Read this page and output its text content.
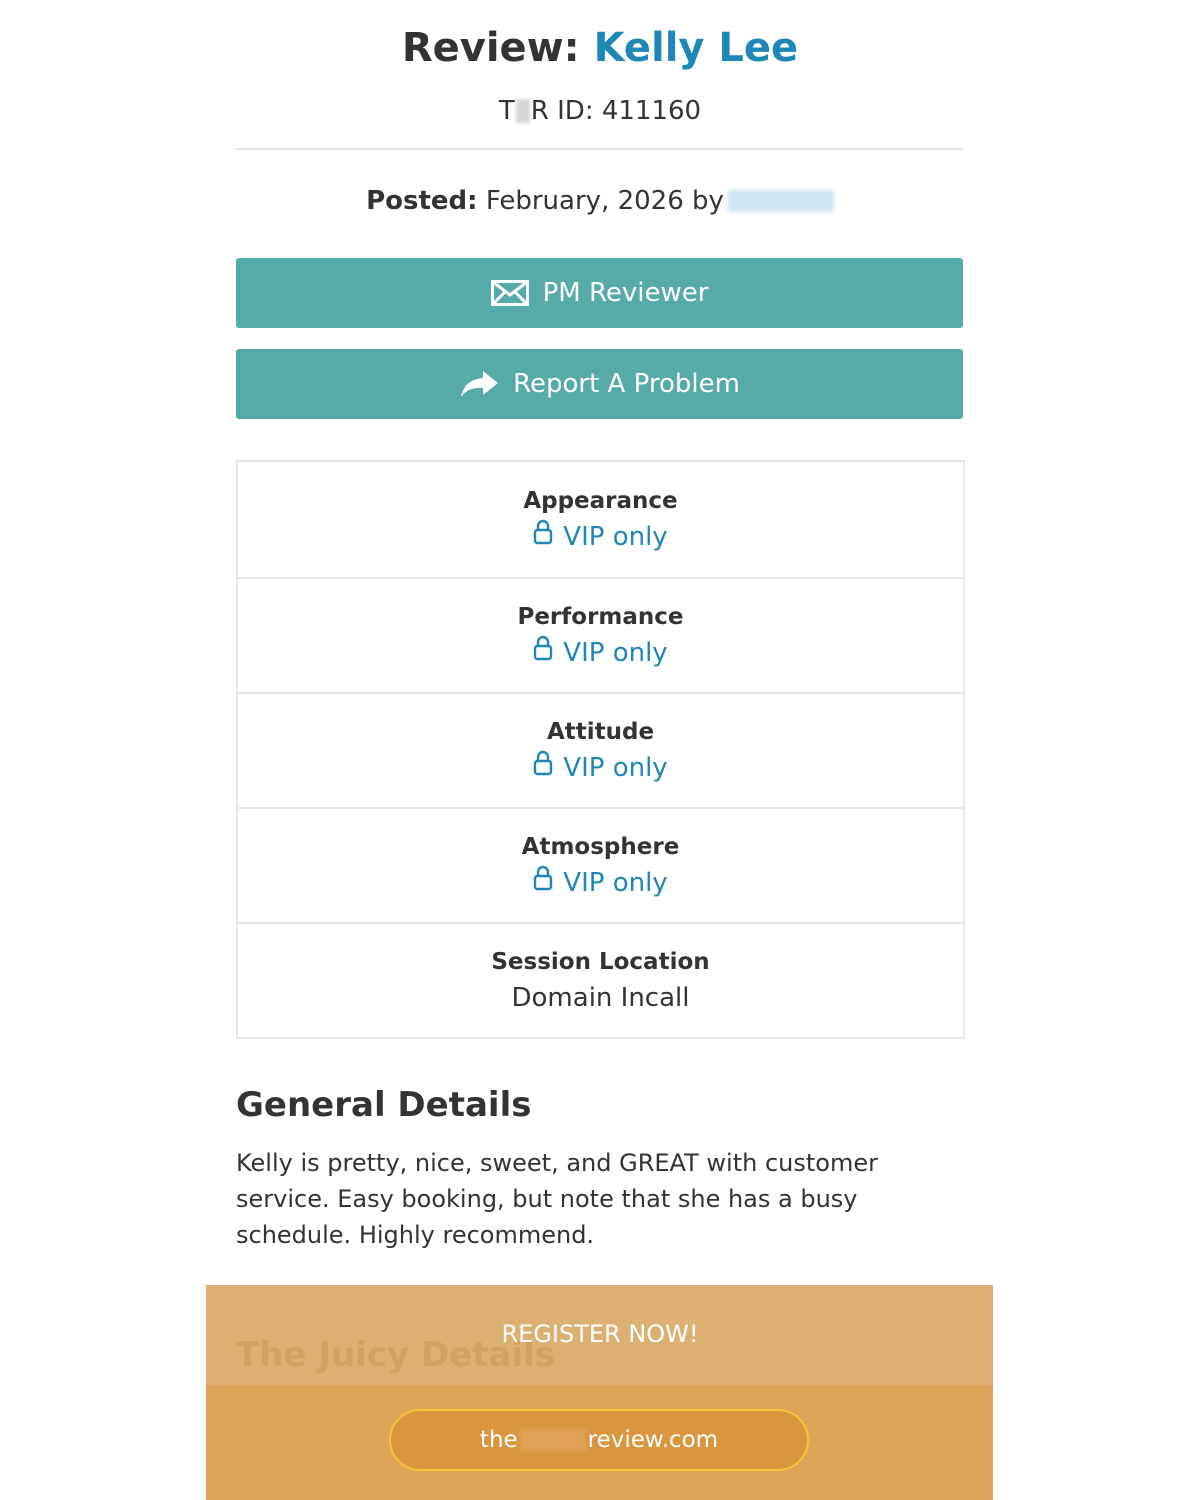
Review: Kelly Lee
T R ID: 411160
Posted: February, 2026 by
PM Reviewer
Report A Problem
Appearance
VIP only
Performance
VIP only
Attitude
VIP only
Atmosphere
VIP only
Session Location
Domain Incall
General Details
Kelly is pretty, nice, sweet, and GREAT with customer service. Easy booking, but note that she has a busy schedule. Highly recommend.
REGISTER NOW!
the	review.com
